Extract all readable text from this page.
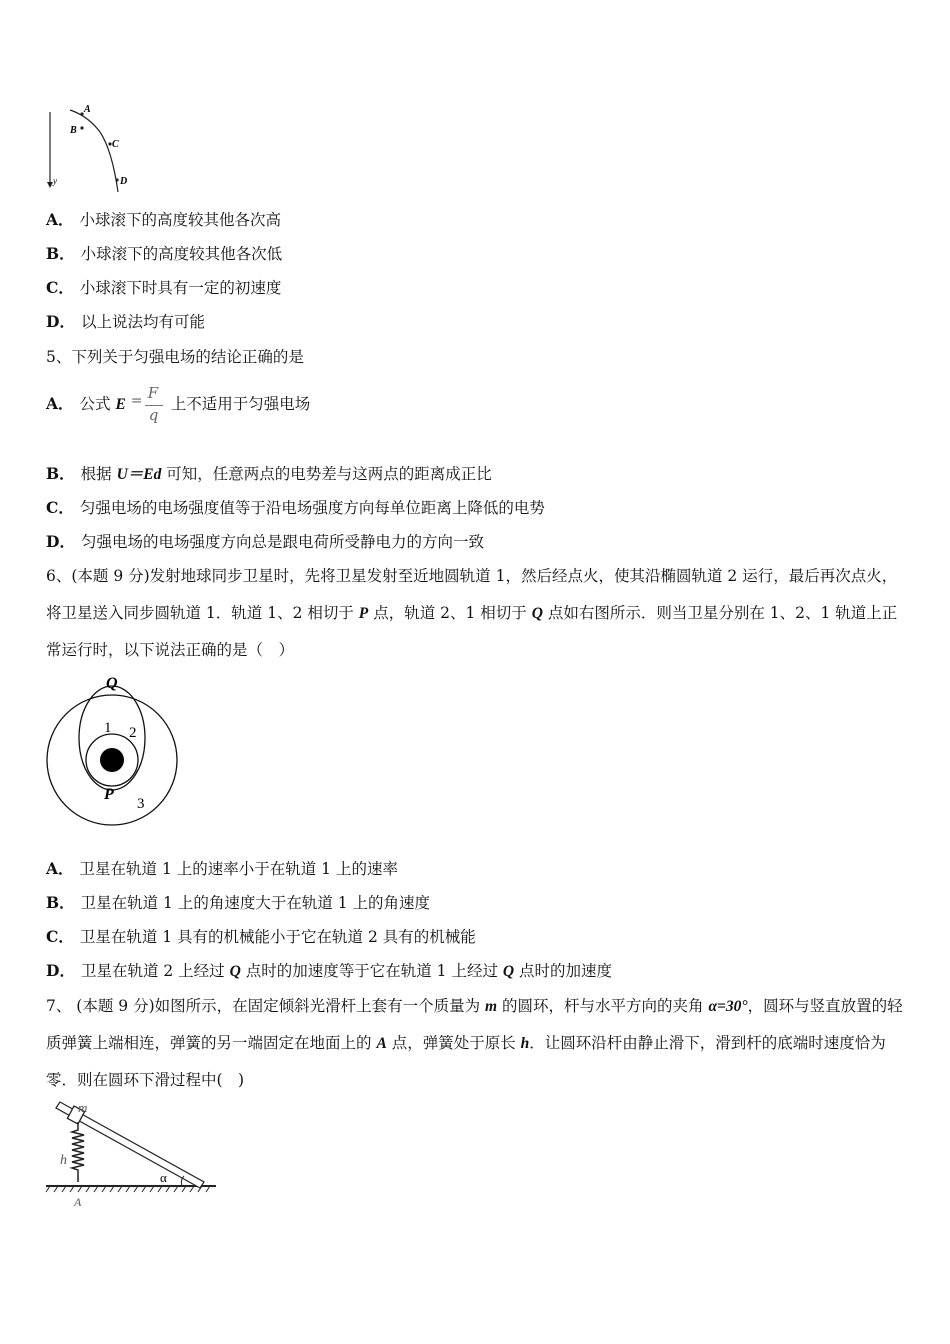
A
B
C
D
y
A． 小球滚下的高度较其他各次高
B． 小球滚下的高度较其他各次低
C． 小球滚下时具有一定的初速度
D． 以上说法均有可能
5、下列关于匀强电场的结论正确的是
A． 公式 E = F
q
上不适用于匀强电场
B． 根据 U＝Ed 可知，任意两点的电势差与这两点的距离成正比
C． 匀强电场的电场强度值等于沿电场强度方向每单位距离上降低的电势
D． 匀强电场的电场强度方向总是跟电荷所受静电力的方向一致
6、(本题 9 分)发射地球同步卫星时，先将卫星发射至近地圆轨道 1，然后经点火，使其沿椭圆轨道 2 运行，最后再次点火，将卫星送入同步圆轨道 1．轨道 1、2 相切于 P 点，轨道 2、1 相切于 Q 点如右图所示．则当卫星分别在 1、2、1 轨道上正常运行时，以下说法正确的是（　）
Q
1 2
P
3
A． 卫星在轨道 1 上的速率小于在轨道 1 上的速率
B． 卫星在轨道 1 上的角速度大于在轨道 1 上的角速度
C． 卫星在轨道 1 具有的机械能小于它在轨道 2 具有的机械能
D． 卫星在轨道 2 上经过 Q 点时的加速度等于它在轨道 1 上经过 Q 点时的加速度
7、 (本题 9 分)如图所示，在固定倾斜光滑杆上套有一个质量为 m 的圆环，杆与水平方向的夹角 α=30°，圆环与竖直放置的轻质弹簧上端相连，弹簧的另一端固定在地面上的 A 点，弹簧处于原长 h．让圆环沿杆由静止滑下，滑到杆的底端时速度恰为零．则在圆环下滑过程中(　)
m
h
α
A
